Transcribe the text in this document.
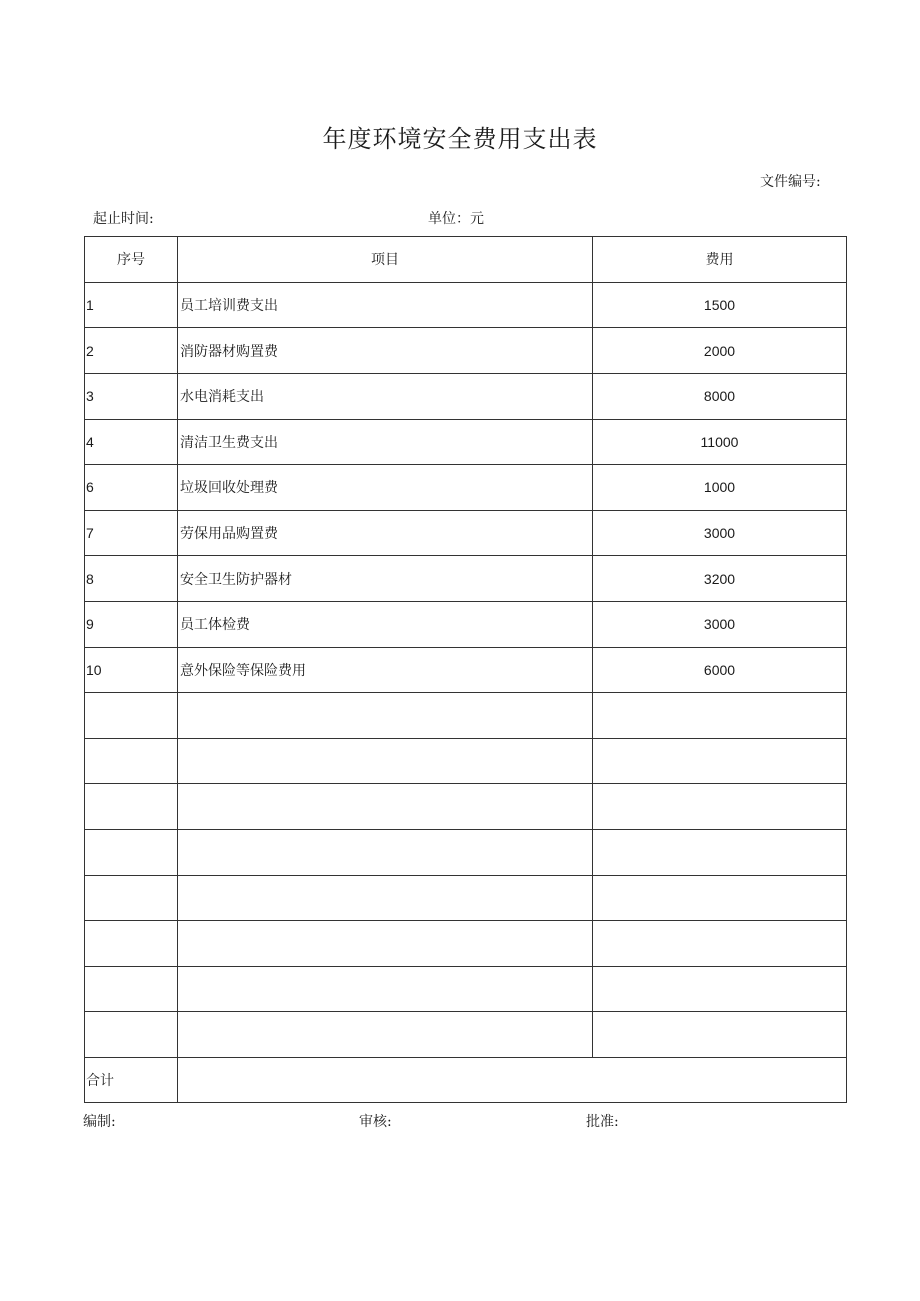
年度环境安全费用支出表
文件编号:
起止时间:	单位：元
序号	项目	费用
1	员工培训费支出	1500
2	消防器材购置费	2000
3	水电消耗支出	8000
4	清洁卫生费支出	11000
6	垃圾回收处理费	1000
7	劳保用品购置费	3000
8	安全卫生防护器材	3200
9	员工体检费	3000
10	意外保险等保险费用	6000

合计		
编制:	审核:	批准:
